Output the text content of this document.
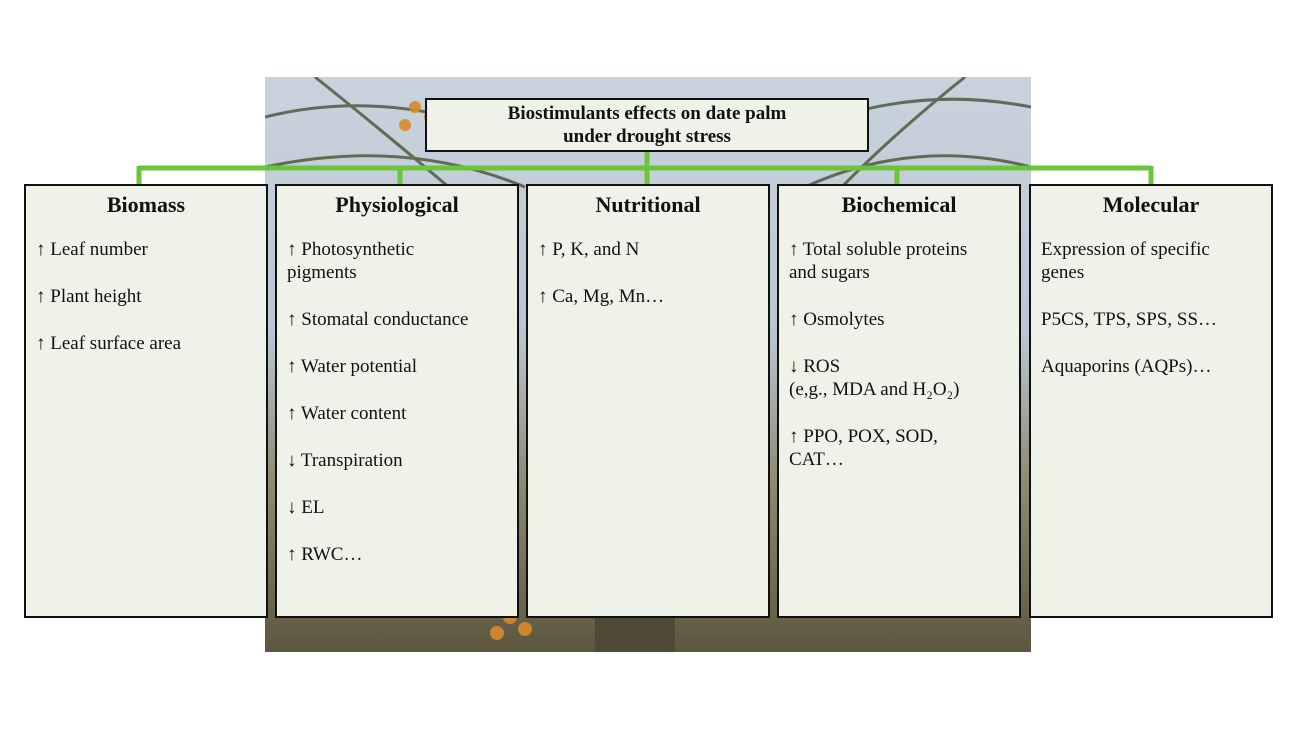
Biostimulants effects on date palm
under drought stress
Biomass
↑ Leaf number
↑ Plant height
↑ Leaf surface area
Physiological
↑ Photosynthetic
pigments
↑ Stomatal conductance
↑ Water potential
↑ Water content
↓ Transpiration
↓ EL
↑ RWC…
Nutritional
↑ P, K, and N
↑ Ca, Mg, Mn…
Biochemical
↑ Total soluble proteins
and sugars
↑ Osmolytes
↓ ROS
(e,g., MDA and H₂O₂)
↑ PPO, POX, SOD,
CAT…
Molecular
Expression of specific
genes
P5CS, TPS, SPS, SS…
Aquaporins (AQPs)…
